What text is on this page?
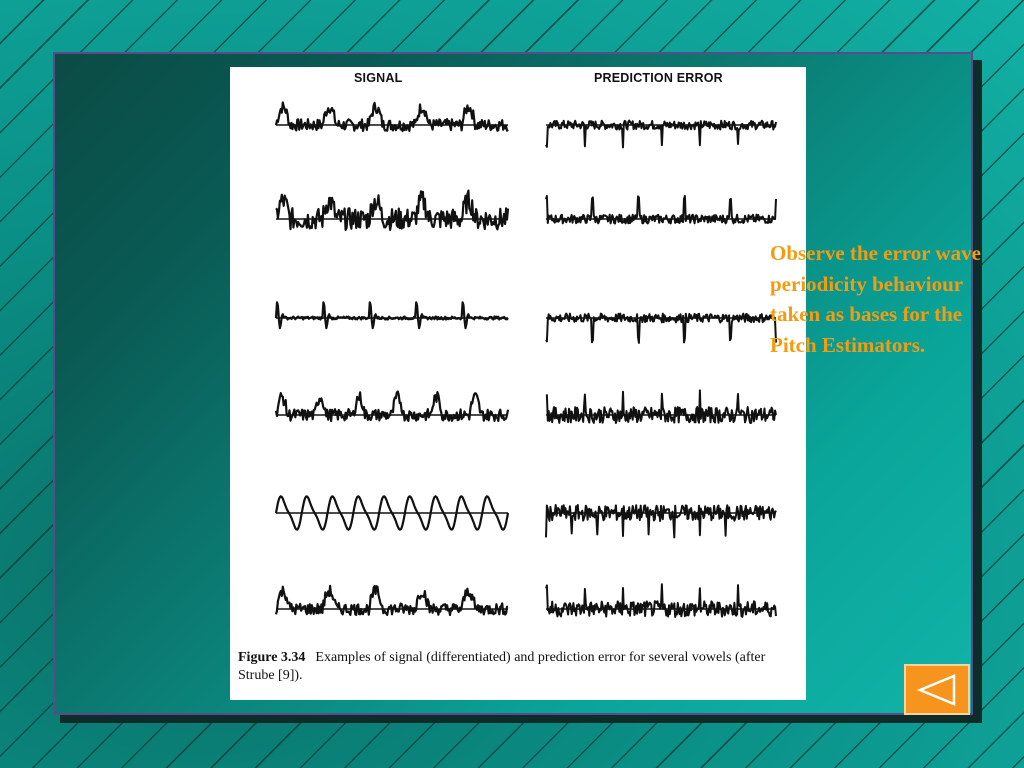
SIGNAL	PREDICTION ERROR
Figure 3.34 Examples of signal (differentiated) and prediction error for several vowels (after Strube [9]).
Observe the error wave periodicity behaviour taken as bases for the Pitch Estimators.
